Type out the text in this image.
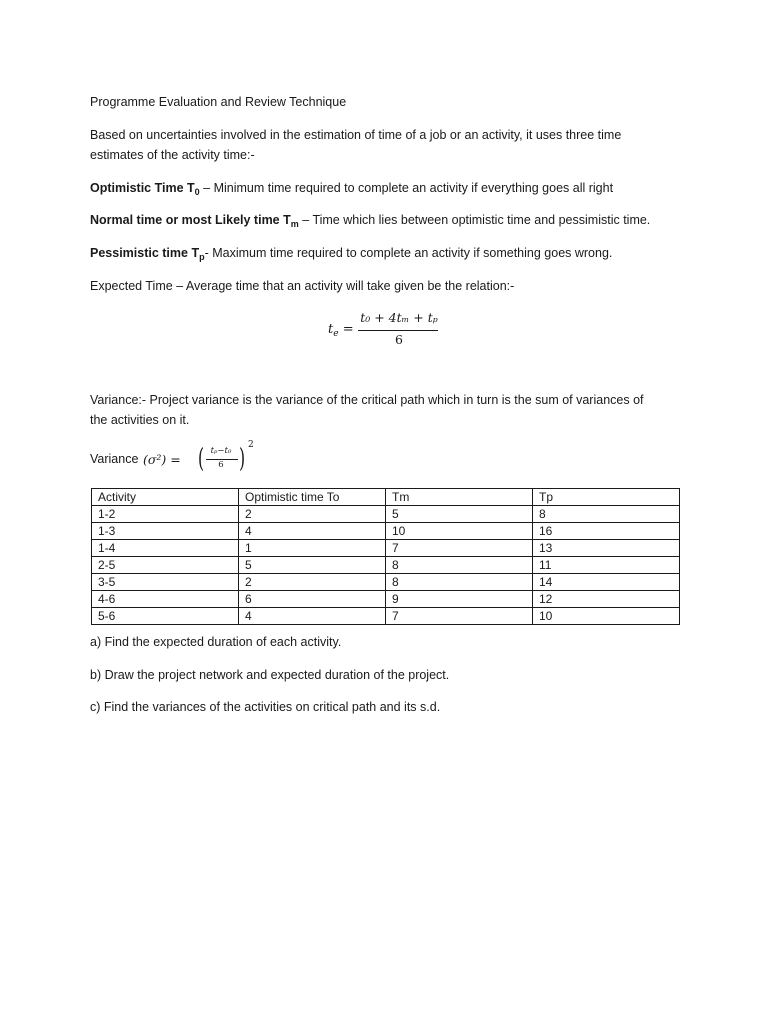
Programme Evaluation and Review Technique
Based on uncertainties involved in the estimation of time of a job or an activity, it uses three time
estimates of the activity time:-
Optimistic Time $T_0$ – Minimum time required to complete an activity if everything goes all right
Normal time or most Likely time $T_m$ – Time which lies between optimistic time and pessimistic time.
Pessimistic time $T_p-$ Maximum time required to complete an activity if something goes wrong.
Expected Time – Average time that an activity will take given be the relation:-
$t_e$ =
t₀ + 4tₘ + tₚ
6
Variance:- Project variance is the variance of the critical path which in turn is the sum of variances of
the activities on it.
Variance (σ²) = ( tₚ−t₀
6 ) 2
Activity	Optimistic time To	Tm	Tp
1-2	2	5	8
1-3	4	10	16
1-4	1	7	13
2-5	5	8	11
3-5	2	8	14
4-6	6	9	12
5-6	4	7	10
a) Find the expected duration of each activity.
b) Draw the project network and expected duration of the project.
c) Find the variances of the activities on critical path and its s.d.
